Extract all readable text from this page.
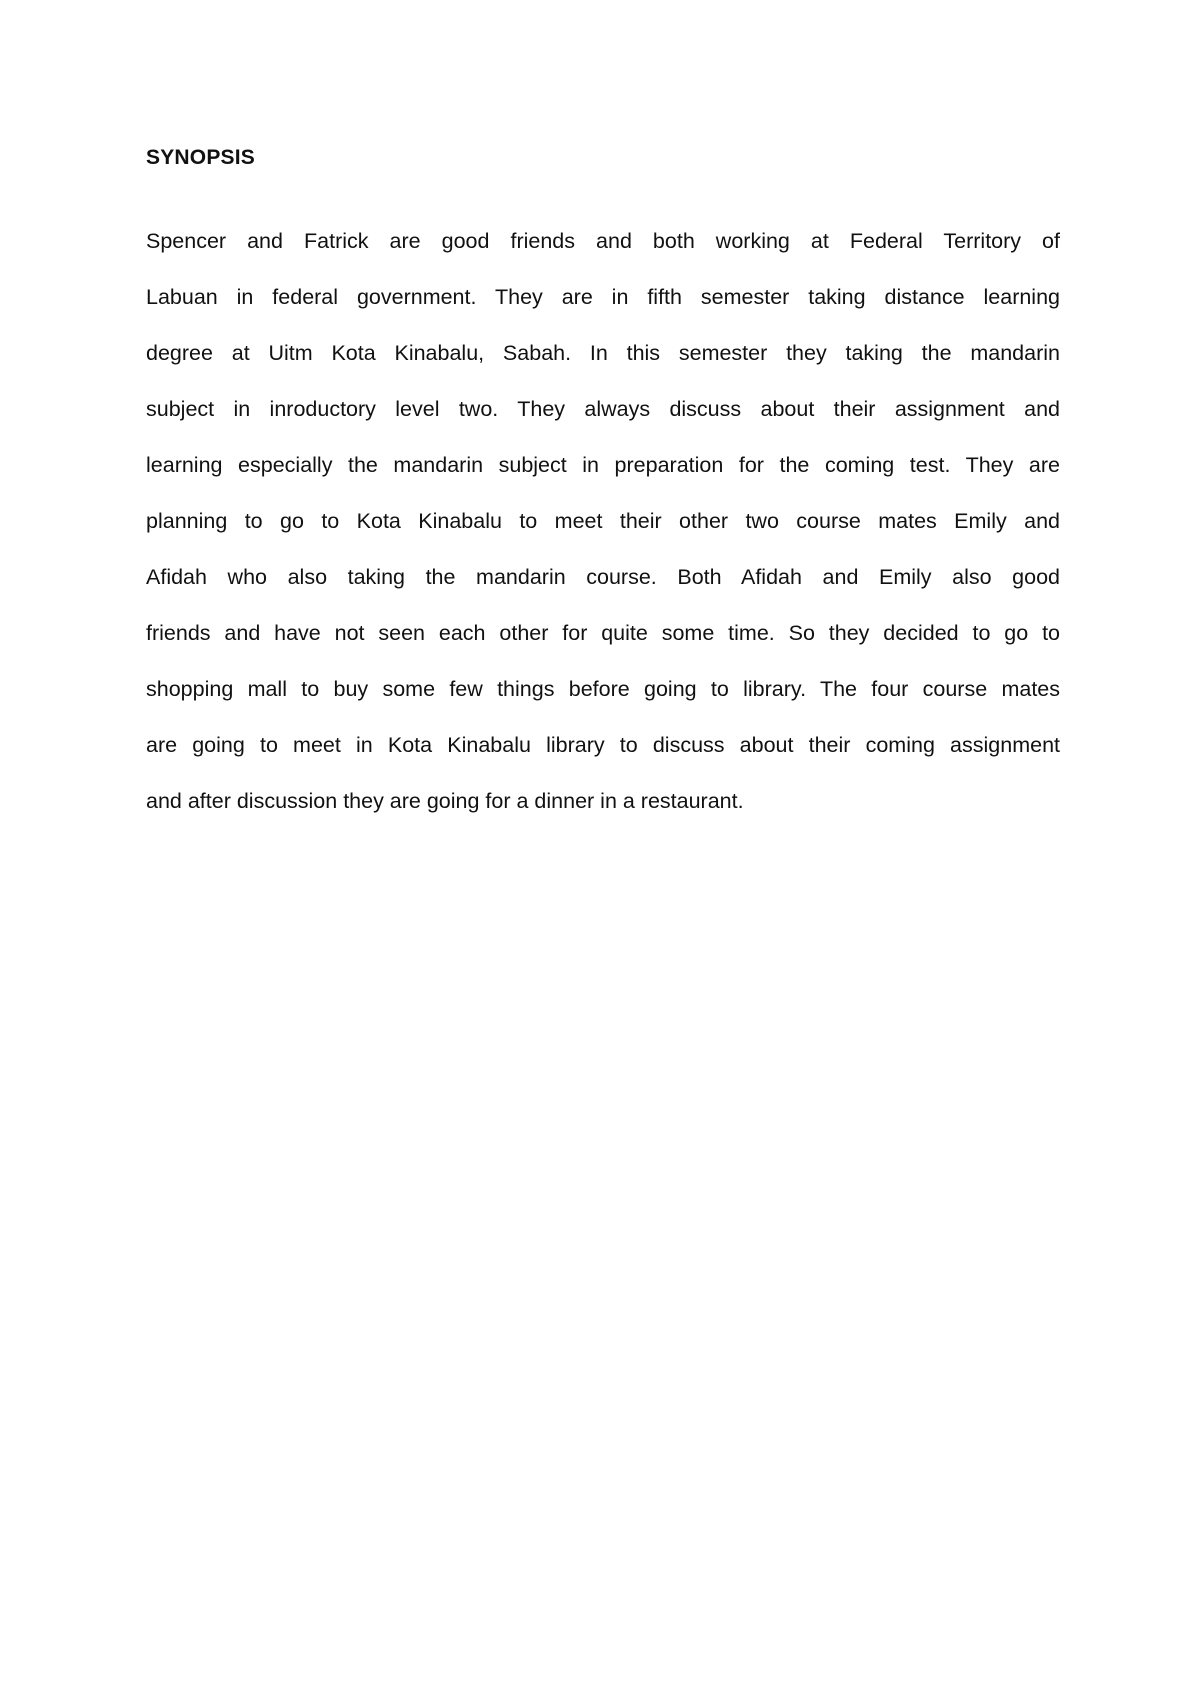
SYNOPSIS

Spencer and Fatrick are good friends and both working at Federal Territory of
Labuan in federal government. They are in fifth semester taking distance learning
degree at Uitm Kota Kinabalu, Sabah. In this semester they taking the mandarin
subject in inroductory level two. They always discuss about their assignment and
learning especially the mandarin subject in preparation for the coming test. They are
planning to go to Kota Kinabalu to meet their other two course mates Emily and
Afidah who also taking the mandarin course. Both Afidah and Emily also good
friends and have not seen each other for quite some time. So they decided to go to
shopping mall to buy some few things before going to library. The four course mates
are going to meet in Kota Kinabalu library to discuss about their coming assignment
and after discussion they are going for a dinner in a restaurant.
